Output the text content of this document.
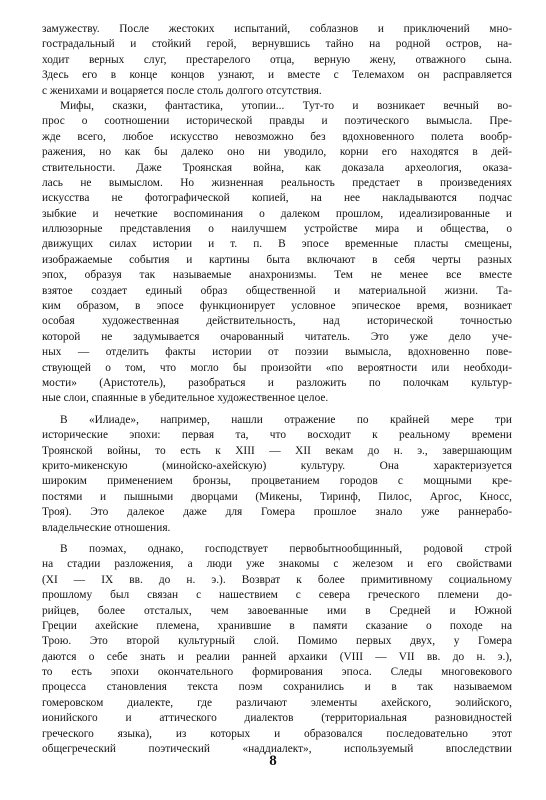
замужеству. После жестоких испытаний, соблазнов и приключений мно-
гострадальный и стойкий герой, вернувшись тайно на родной остров, на-
ходит верных слуг, престарелого отца, верную жену, отважного сына.
Здесь его в конце концов узнают, и вместе с Телемахом он расправляется
с женихами и воцаряется после столь долгого отсутствия.

Мифы, сказки, фантастика, утопии... Тут-то и возникает вечный во-
прос о соотношении исторической правды и поэтического вымысла. Пре-
жде всего, любое искусство невозможно без вдохновенного полета вообр-
ражения, но как бы далеко оно ни уводило, корни его находятся в дей-
ствительности. Даже Троянская война, как доказала археология, оказа-
лась не вымыслом. Но жизненная реальность предстает в произведениях
искусства не фотографической копией, на нее накладываются подчас
зыбкие и нечеткие воспоминания о далеком прошлом, идеализированные и
иллюзорные представления о наилучшем устройстве мира и общества, о
движущих силах истории и т. п. В эпосе временные пласты смещены,
изображаемые события и картины быта включают в себя черты разных
эпох, образуя так называемые анахронизмы. Тем не менее все вместе
взятое создает единый образ общественной и материальной жизни. Та-
ким образом, в эпосе функционирует условное эпическое время, возникает
особая художественная действительность, над исторической точностью
которой не задумывается очарованный читатель. Это уже дело уче-
ных — отделить факты истории от поэзии вымысла, вдохновенно пове-
ствующей о том, что могло бы произойти «по вероятности или необходи-
мости» (Аристотель), разобраться и разложить по полочкам культур-
ные слои, спаянные в убедительное художественное целое.

В «Илиаде», например, нашли отражение по крайней мере три
исторические эпохи: первая та, что восходит к реальному времени
Троянской войны, то есть к XIII — XII векам до н. э., завершающим
крито-микенскую (минойско-ахейскую) культуру. Она характеризуется
широким применением бронзы, процветанием городов с мощными кре-
постями и пышными дворцами (Микены, Тиринф, Пилос, Аргос, Кносс,
Троя). Это далекое даже для Гомера прошлое знало уже раннерабо-
владельческие отношения.

В поэмах, однако, господствует первобытнообщинный, родовой строй
на стадии разложения, а люди уже знакомы с железом и его свойствами
(XI — IX вв. до н. э.). Возврат к более примитивному социальному
прошлому был связан с нашествием с севера греческого племени до-
рийцев, более отсталых, чем завоеванные ими в Средней и Южной
Греции ахейские племена, хранившие в памяти сказание о походе на
Трою. Это второй культурный слой. Помимо первых двух, у Гомера
даются о себе знать и реалии ранней архаики (VIII — VII вв. до н. э.),
то есть эпохи окончательного формирования эпоса. Следы многовекового
процесса становления текста поэм сохранились и в так называемом
гомеровском диалекте, где различают элементы ахейского, эолийского,
ионийского и аттического диалектов (территориальная разновидностей
греческого языка), из которых и образовался последовательно этот
общегреческий поэтический «наддиалект», используемый впоследствии

8
